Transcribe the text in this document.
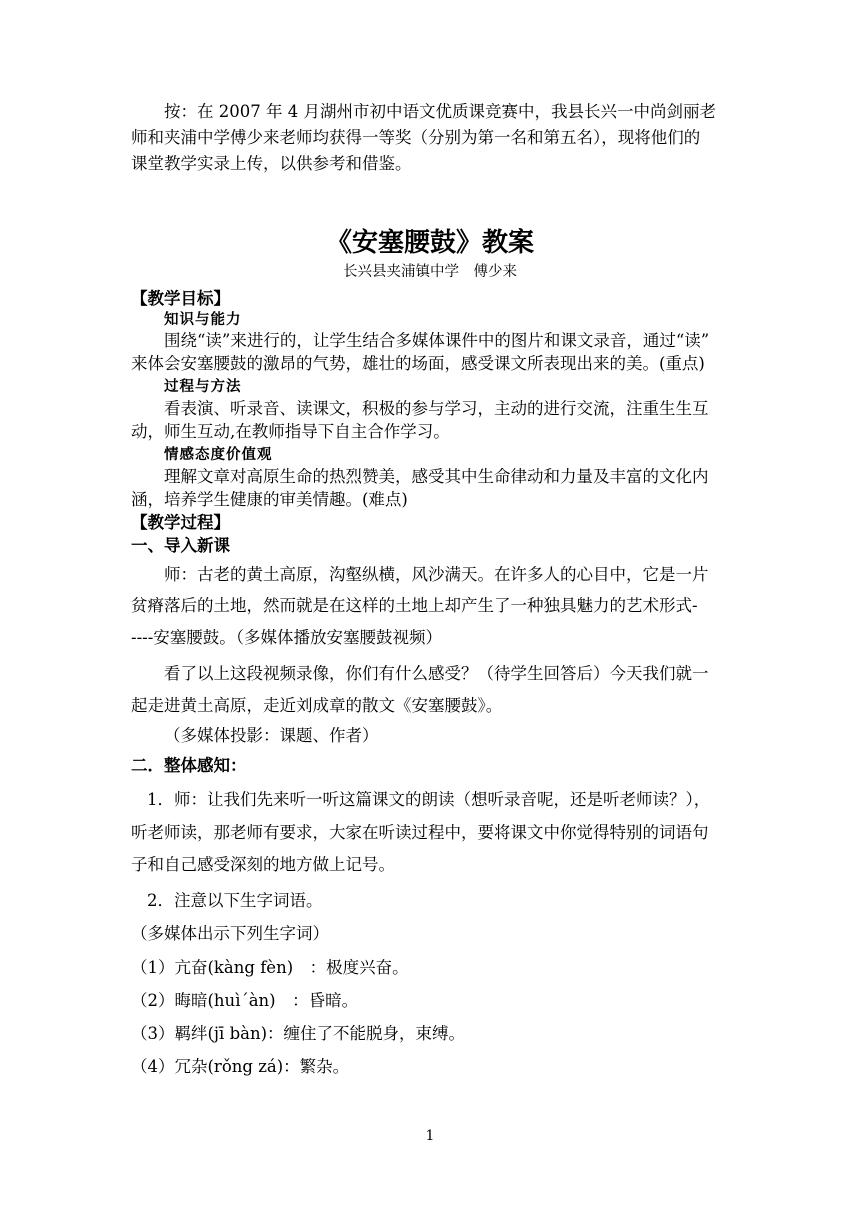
按：在 2007 年 4 月湖州市初中语文优质课竞赛中，我县长兴一中尚剑丽老
师和夹浦中学傅少来老师均获得一等奖（分别为第一名和第五名），现将他们的
课堂教学实录上传，以供参考和借鉴。
《安塞腰鼓》教案
长兴县夹浦镇中学　傅少来
【教学目标】
知识与能力
围绕“读”来进行的，让学生结合多媒体课件中的图片和课文录音，通过“读”
来体会安塞腰鼓的激昂的气势，雄壮的场面，感受课文所表现出来的美。(重点)
过程与方法
看表演、听录音、读课文，积极的参与学习，主动的进行交流，注重生生互
动，师生互动,在教师指导下自主合作学习。
情感态度价值观
理解文章对高原生命的热烈赞美，感受其中生命律动和力量及丰富的文化内
涵，培养学生健康的审美情趣。(难点)
【教学过程】
一、导入新课
师：古老的黄土高原，沟壑纵横，风沙满天。在许多人的心目中，它是一片
贫瘠落后的土地，然而就是在这样的土地上却产生了一种独具魅力的艺术形式-
----安塞腰鼓。（多媒体播放安塞腰鼓视频）
看了以上这段视频录像，你们有什么感受？（待学生回答后）今天我们就一
起走进黄土高原，走近刘成章的散文《安塞腰鼓》。
（多媒体投影：课题、作者）
二．整体感知：
1．师：让我们先来听一听这篇课文的朗读（想听录音呢，还是听老师读？），
听老师读，那老师有要求，大家在听读过程中，要将课文中你觉得特别的词语句
子和自己感受深刻的地方做上记号。
2．注意以下生字词语。
（多媒体出示下列生字词）
（1）亢奋(kàng fèn)　：极度兴奋。
（2）晦暗(huìˊàn)　：昏暗。
（3）羁绊(jī bàn)：缠住了不能脱身，束缚。
（4）冗杂(rǒng zá)：繁杂。
1
